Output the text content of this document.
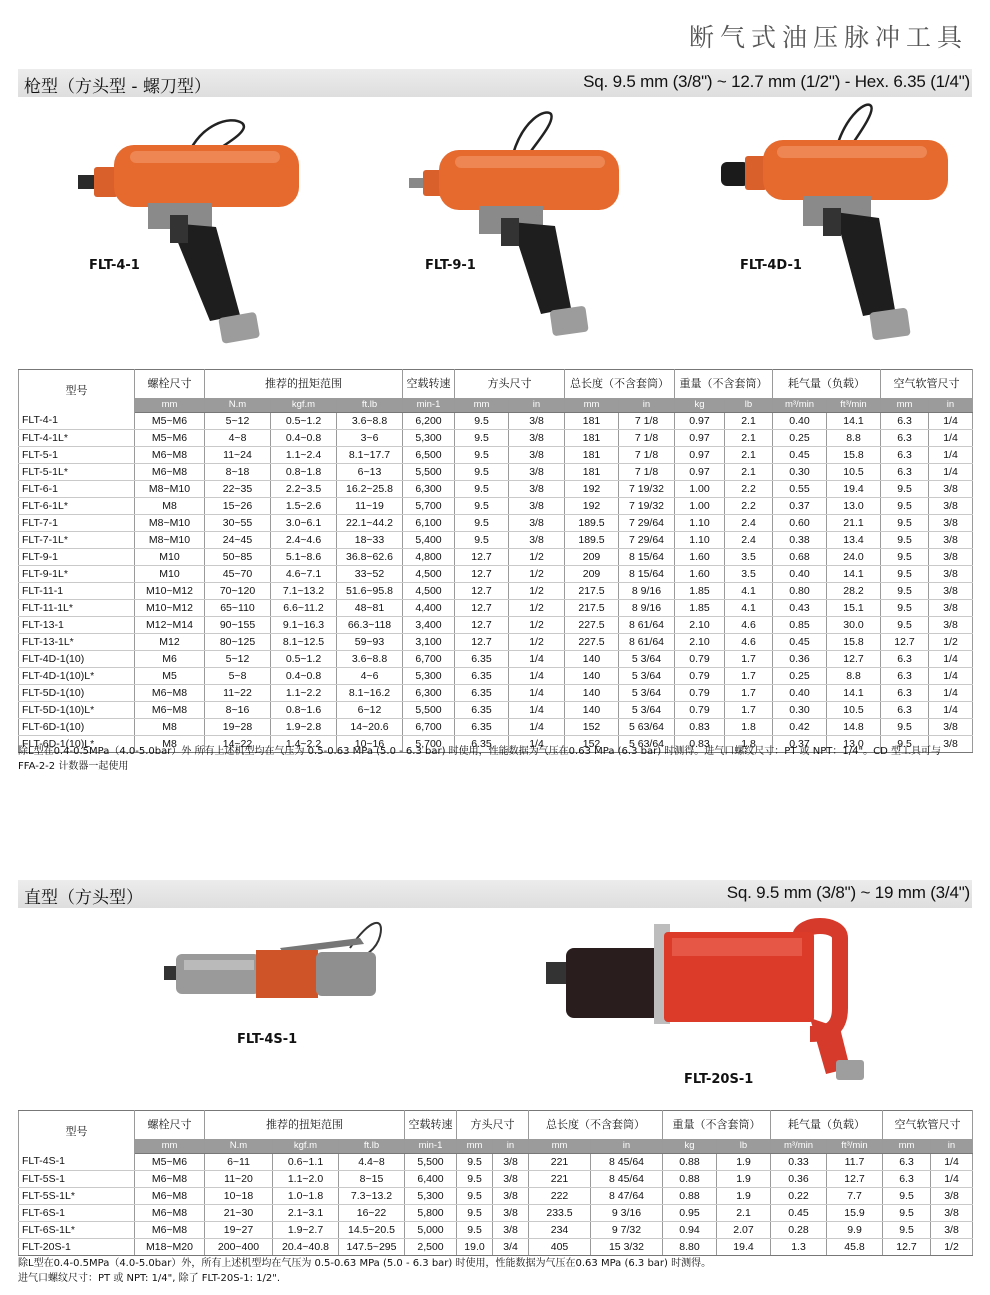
断气式油压脉冲工具
枪型（方头型 - 螺刀型）	Sq. 9.5 mm (3/8") ~ 12.7 mm (1/2") - Hex. 6.35 (1/4")
FLT-4-1	FLT-9-1	FLT-4D-1
型号	螺栓尺寸	推荐的扭矩范围			空载转速	方头尺寸		总长度（不含套筒）		重量（不含套筒）		耗气量（负载）		空气软管尺寸	
	mm	N.m	kgf.m	ft.lb	min-1	mm	in	mm	in	kg	lb	m³/min	ft³/min	mm	in
FLT-4-1	M5~M6	5~12	0.5~1.2	3.6~8.8	6,200	9.5	3/8	181	7 1/8	0.97	2.1	0.40	14.1	6.3	1/4
FLT-4-1L*	M5~M6	4~8	0.4~0.8	3~6	5,300	9.5	3/8	181	7 1/8	0.97	2.1	0.25	8.8	6.3	1/4
FLT-5-1	M6~M8	11~24	1.1~2.4	8.1~17.7	6,500	9.5	3/8	181	7 1/8	0.97	2.1	0.45	15.8	6.3	1/4
FLT-5-1L*	M6~M8	8~18	0.8~1.8	6~13	5,500	9.5	3/8	181	7 1/8	0.97	2.1	0.30	10.5	6.3	1/4
FLT-6-1	M8~M10	22~35	2.2~3.5	16.2~25.8	6,300	9.5	3/8	192	7 19/32	1.00	2.2	0.55	19.4	9.5	3/8
FLT-6-1L*	M8	15~26	1.5~2.6	11~19	5,700	9.5	3/8	192	7 19/32	1.00	2.2	0.37	13.0	9.5	3/8
FLT-7-1	M8~M10	30~55	3.0~6.1	22.1~44.2	6,100	9.5	3/8	189.5	7 29/64	1.10	2.4	0.60	21.1	9.5	3/8
FLT-7-1L*	M8~M10	24~45	2.4~4.6	18~33	5,400	9.5	3/8	189.5	7 29/64	1.10	2.4	0.38	13.4	9.5	3/8
FLT-9-1	M10	50~85	5.1~8.6	36.8~62.6	4,800	12.7	1/2	209	8 15/64	1.60	3.5	0.68	24.0	9.5	3/8
FLT-9-1L*	M10	45~70	4.6~7.1	33~52	4,500	12.7	1/2	209	8 15/64	1.60	3.5	0.40	14.1	9.5	3/8
FLT-11-1	M10~M12	70~120	7.1~13.2	51.6~95.8	4,500	12.7	1/2	217.5	8 9/16	1.85	4.1	0.80	28.2	9.5	3/8
FLT-11-1L*	M10~M12	65~110	6.6~11.2	48~81	4,400	12.7	1/2	217.5	8 9/16	1.85	4.1	0.43	15.1	9.5	3/8
FLT-13-1	M12~M14	90~155	9.1~16.3	66.3~118	3,400	12.7	1/2	227.5	8 61/64	2.10	4.6	0.85	30.0	9.5	3/8
FLT-13-1L*	M12	80~125	8.1~12.5	59~93	3,100	12.7	1/2	227.5	8 61/64	2.10	4.6	0.45	15.8	12.7	1/2
FLT-4D-1(10)	M6	5~12	0.5~1.2	3.6~8.8	6,700	6.35	1/4	140	5 3/64	0.79	1.7	0.36	12.7	6.3	1/4
FLT-4D-1(10)L*	M5	5~8	0.4~0.8	4~6	5,300	6.35	1/4	140	5 3/64	0.79	1.7	0.25	8.8	6.3	1/4
FLT-5D-1(10)	M6~M8	11~22	1.1~2.2	8.1~16.2	6,300	6.35	1/4	140	5 3/64	0.79	1.7	0.40	14.1	6.3	1/4
FLT-5D-1(10)L*	M6~M8	8~16	0.8~1.6	6~12	5,500	6.35	1/4	140	5 3/64	0.79	1.7	0.30	10.5	6.3	1/4
FLT-6D-1(10)	M8	19~28	1.9~2.8	14~20.6	6,700	6.35	1/4	152	5 63/64	0.83	1.8	0.42	14.8	9.5	3/8
FLT-6D-1(10)L*	M8	14~22	1.4~2.2	10~16	5,700	6.35	1/4	152	5 63/64	0.83	1.8	0.37	13.0	9.5	3/8
除L型在0.4-0.5MPa（4.0-5.0bar）外 所有上述机型均在气压为 0.5-0.63 MPa (5.0 - 6.3 bar) 时使用，性能数据为气压在0.63 MPa (6.3 bar) 时测得。进气口螺纹尺寸：PT 或 NPT：1/4"。CD 型工具可与FFA-2-2 计数器一起使用
直型（方头型）	Sq. 9.5 mm (3/8") ~ 19 mm (3/4")
FLT-4S-1
FLT-20S-1
型号	螺栓尺寸	推荐的扭矩范围			空载转速	方头尺寸		总长度（不含套筒）		重量（不含套筒）		耗气量（负载）		空气软管尺寸	
	mm	N.m	kgf.m	ft.lb	min-1	mm	in	mm	in	kg	lb	m³/min	ft³/min	mm	in
FLT-4S-1	M5~M6	6~11	0.6~1.1	4.4~8	5,500	9.5	3/8	221	8 45/64	0.88	1.9	0.33	11.7	6.3	1/4
FLT-5S-1	M6~M8	11~20	1.1~2.0	8~15	6,400	9.5	3/8	221	8 45/64	0.88	1.9	0.36	12.7	6.3	1/4
FLT-5S-1L*	M6~M8	10~18	1.0~1.8	7.3~13.2	5,300	9.5	3/8	222	8 47/64	0.88	1.9	0.22	7.7	9.5	3/8
FLT-6S-1	M6~M8	21~30	2.1~3.1	16~22	5,800	9.5	3/8	233.5	9 3/16	0.95	2.1	0.45	15.9	9.5	3/8
FLT-6S-1L*	M6~M8	19~27	1.9~2.7	14.5~20.5	5,000	9.5	3/8	234	9 7/32	0.94	2.07	0.28	9.9	9.5	3/8
FLT-20S-1	M18~M20	200~400	20.4~40.8	147.5~295	2,500	19.0	3/4	405	15 3/32	8.80	19.4	1.3	45.8	12.7	1/2
除L型在0.4-0.5MPa（4.0-5.0bar）外，所有上述机型均在气压为 0.5-0.63 MPa (5.0 - 6.3 bar) 时使用，性能数据为气压在0.63 MPa (6.3 bar) 时测得。
进气口螺纹尺寸：PT 或 NPT: 1/4", 除了 FLT-20S-1: 1/2".
